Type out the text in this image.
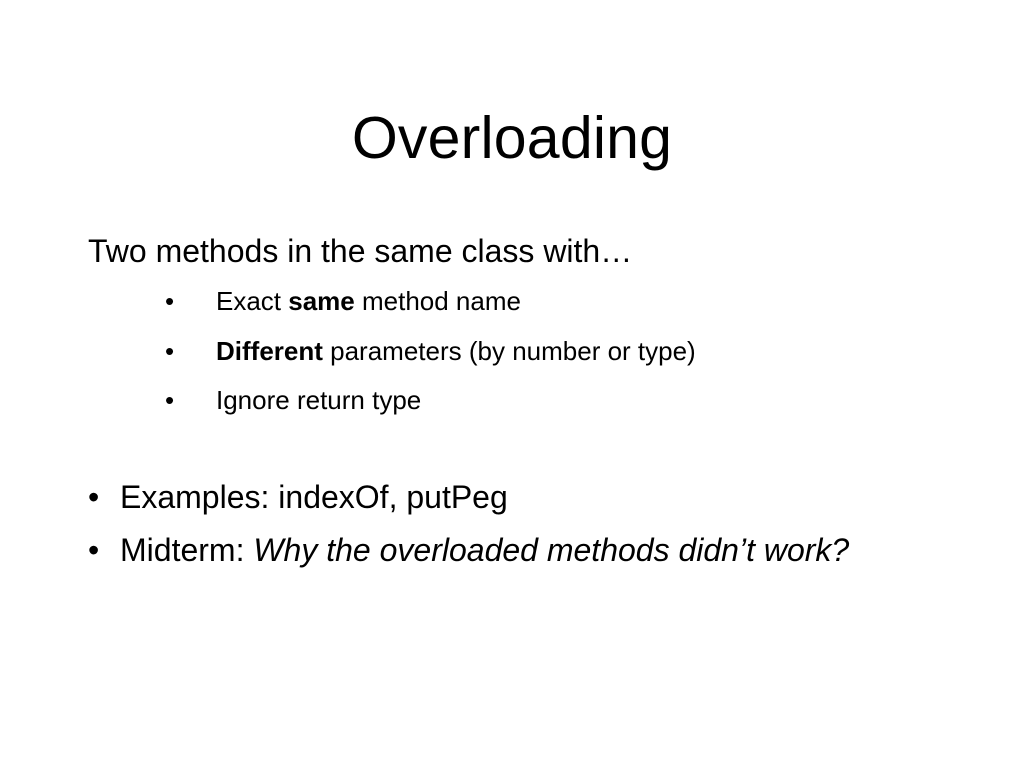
Overloading
Two methods in the same class with…
•	Exact same method name
•	Different parameters (by number or type)
•	Ignore return type
• Examples: indexOf, putPeg
• Midterm: Why the overloaded methods didn’t work?
